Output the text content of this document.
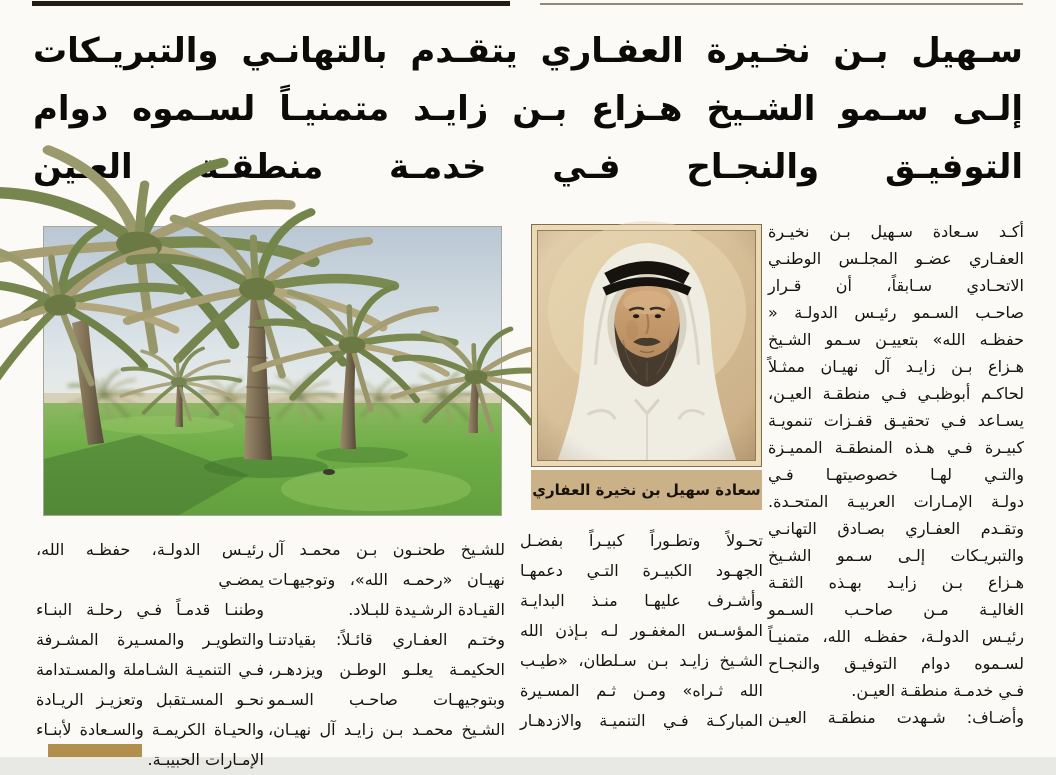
سـهيل بـن نخـيرة العفـاري يتقـدم بالتهانـي والتبريـكات
إلـى سـمو الشـيخ هـزاع بـن زايـد متمنيـاً لسـموه دوام
التوفيـق والنجـاح فـي خدمـة منطقـة العـين
سعادة سهيل بن نخيرة العفاري
أكـد سـعادة سـهيل بـن نخيـرة
العفـاري عضـو المجلـس الوطنـي
الاتحـادي سـابقاً، أن قـرار
صاحـب السـمو رئيـس الدولـة «
حفظـه الله» بتعييـن سـمو الشـيخ
هـزاع بـن زايـد آل نهيـان ممثـلاً
لحاكـم أبوظبـي فـي منطقـة العيـن،
يسـاعد فـي تحقيـق قفـزات تنمويـة
كبيـرة فـي هـذه المنطقـة المميـزة
والتـي لهـا خصوصيتهـا فـي
دولـة الإمـارات العربيـة المتحـدة.
وتقـدم العفـاري بصـادق التهانـي
والتبريـكات إلـى سـمو الشـيخ
هـزاع بـن زايـد بهـذه الثقـة
الغاليـة مـن صاحـب السـمو
رئيـس الدولـة، حفظـه الله، متمنيـاً
لسـموه دوام التوفيـق والنجـاح
فـي خدمـة منطقـة العيـن.
وأضـاف: شـهدت منطقـة العيـن
تحـولاً وتطـوراً كبيـراً بفضـل
الجهـود الكبيـرة التـي دعمهـا
وأشـرف عليهـا منـذ البدايـة
المؤسـس المغفـور لـه بـإذن الله
الشـيخ زايـد بـن سـلطان، «طيـب
الله ثـراه» ومـن ثـم المسـيرة
المباركـة فـي التنميـة والازدهـار
للشـيخ طحنـون بـن محمـد آل
نهيـان «رحمـه الله»، وتوجيهـات
القيـادة الرشـيدة للبـلاد.
وختـم العفـاري قائـلاً: بقيادتنـا
الحكيمـة يعلـو الوطـن ويزدهـر،
وبتوجيهـات صاحـب السـمو
الشـيخ محمـد بـن زايـد آل نهيـان،
رئيـس الدولـة، حفظـه الله، يمضـي
وطننـا قدمـاً فـي رحلـة البنـاء
والتطويـر والمسـيرة المشـرفة
فـي التنميـة الشـاملة والمسـتدامة
نحـو المسـتقبل وتعزيـز الريـادة
والحيـاة الكريمـة والسـعادة لأبنـاء
الإمـارات الحبيبـة.
